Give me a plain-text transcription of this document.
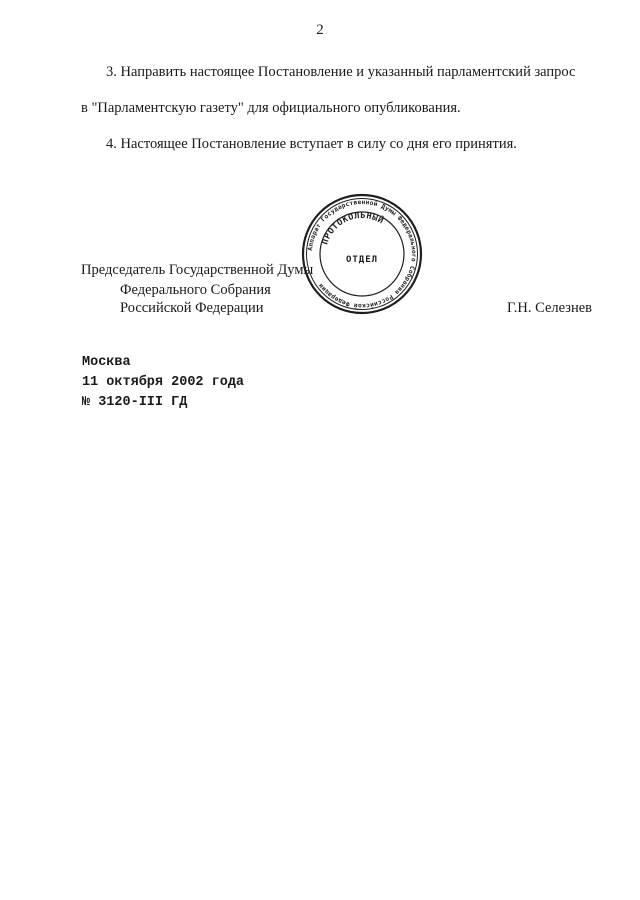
2
3. Направить настоящее Постановление и указанный парламентский запрос
в "Парламентскую газету" для официального опубликования.
4. Настоящее Постановление вступает в силу со дня его принятия.
Председатель Государственной Думы
Федерального Собрания
Российской Федерации	Г.Н. Селезнев
Аппарат Государственной Думы Федерального Собрания Российской Федерации
ПРОТОКОЛЬНЫЙ
ОТДЕЛ
Москва
11 октября 2002 года
№ 3120-III ГД
